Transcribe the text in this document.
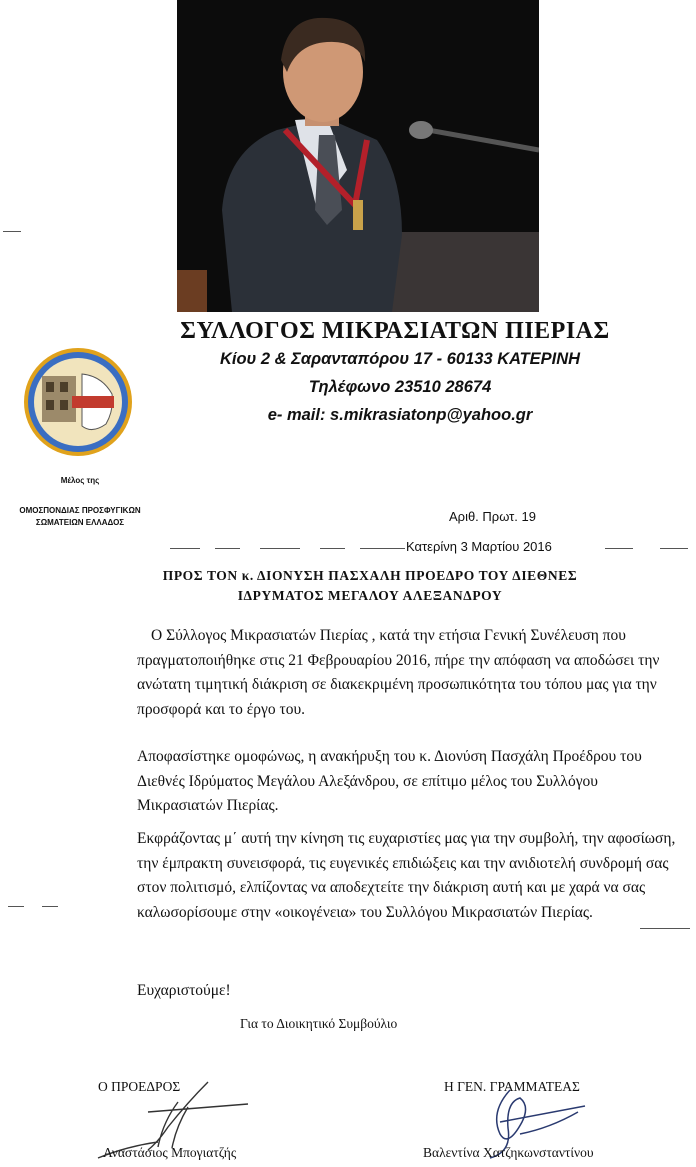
ΣΥΛΛΟΓΟΣ ΜΙΚΡΑΣΙΑΤΩΝ ΠΙΕΡΙΑΣ
Κίου 2 & Σαρανταπόρου 17 - 60133 ΚΑΤΕΡΙΝΗ
Τηλέφωνο 23510 28674
e- mail: s.mikrasiatonp@yahoo.gr
Μέλος της
ΟΜΟΣΠΟΝΔΙΑΣ ΠΡΟΣΦΥΓΙΚΩΝ
ΣΩΜΑΤΕΙΩΝ ΕΛΛΑΔΟΣ	Αριθ. Πρωτ. 19
Κατερίνη 3 Μαρτίου 2016
ΠΡΟΣ ΤΟΝ κ. ΔΙΟΝΥΣΗ ΠΑΣΧΑΛΗ ΠΡΟΕΔΡΟ ΤΟΥ ΔΙΕΘΝΕΣ
ΙΔΡΥΜΑΤΟΣ ΜΕΓΑΛΟΥ ΑΛΕΞΑΝΔΡΟΥ
Ο Σύλλογος Μικρασιατών Πιερίας , κατά την ετήσια Γενική Συνέλευση που πραγματοποιήθηκε στις 21 Φεβρουαρίου 2016, πήρε την απόφαση να αποδώσει την ανώτατη τιμητική διάκριση σε διακεκριμένη προσωπικότητα του τόπου μας για την προσφορά και το έργο του.
Αποφασίστηκε ομοφώνως, η ανακήρυξη του κ. Διονύση Πασχάλη Προέδρου του Διεθνές Ιδρύματος Μεγάλου Αλεξάνδρου, σε επίτιμο μέλος του Συλλόγου Μικρασιατών Πιερίας.
Εκφράζοντας μ΄ αυτή την κίνηση τις ευχαριστίες μας για την συμβολή, την αφοσίωση, την έμπρακτη συνεισφορά, τις ευγενικές επιδιώξεις και την ανιδιοτελή συνδρομή σας στον πολιτισμό, ελπίζοντας να αποδεχτείτε την διάκριση αυτή και με χαρά να σας καλωσορίσουμε στην «οικογένεια» του Συλλόγου Μικρασιατών Πιερίας.
Ευχαριστούμε!
Για το Διοικητικό Συμβούλιο
Ο ΠΡΟΕΔΡΟΣ	Η ΓΕΝ. ΓΡΑΜΜΑΤΕΑΣ
Αναστάσιος Μπογιατζής	Βαλεντίνα Χατζηκωνσταντίνου
